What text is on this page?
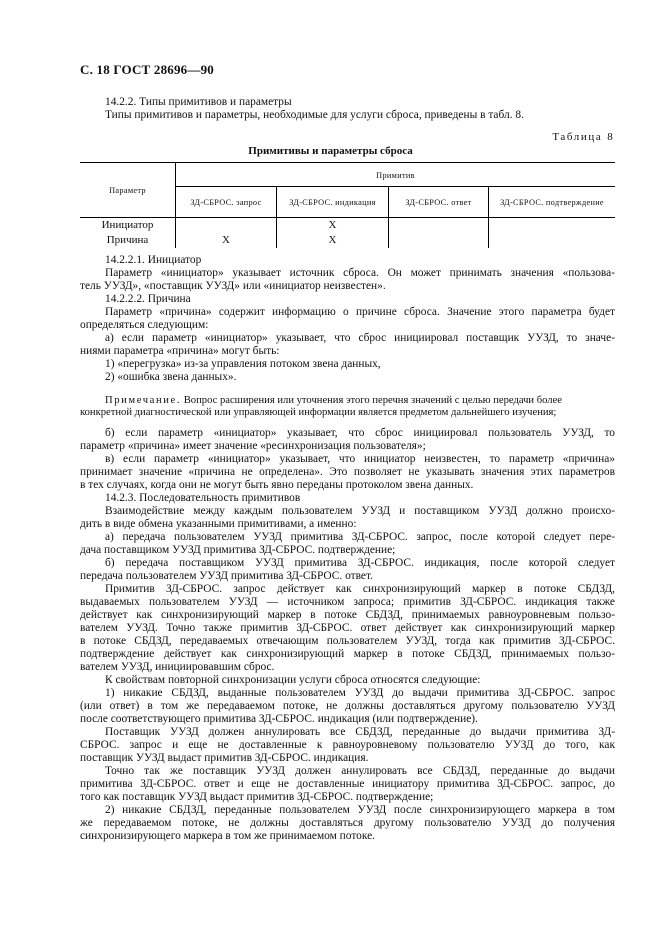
С. 18 ГОСТ 28696—90
14.2.2. Типы примитивов и параметры
Типы примитивов и параметры, необходимые для услуги сброса, приведены в табл. 8.
Таблица 8
Примитивы и параметры сброса
Параметр	Примитив			
	ЗД-СБРОС. запрос	ЗД-СБРОС. индикация	ЗД-СБРОС. ответ	ЗД-СБРОС. подтверждение
Инициатор		X		
Причина	X	X		
14.2.2.1. Инициатор
Параметр «инициатор» указывает источник сброса. Он может принимать значения «пользова-
тель УУЗД», «поставщик УУЗД» или «инициатор неизвестен».
14.2.2.2. Причина
Параметр «причина» содержит информацию о причине сброса. Значение этого параметра будет
определяться следующим:
а) если параметр «инициатор» указывает, что сброс инициировал поставщик УУЗД, то значе-
ниями параметра «причина» могут быть:
1) «перегрузка» из-за управления потоком звена данных,
2) «ошибка звена данных».
Примечание. Вопрос расширения или уточнения этого перечня значений с целью передачи более
конкретной диагностической или управляющей информации является предметом дальнейшего изучения;
б) если параметр «инициатор» указывает, что сброс инициировал пользователь УУЗД, то
параметр «причина» имеет значение «ресинхронизация пользователя»;
в) если параметр «инициатор» указывает, что инициатор неизвестен, то параметр «причина»
принимает значение «причина не определена». Это позволяет не указывать значения этих параметров
в тех случаях, когда они не могут быть явно переданы протоколом звена данных.
14.2.3. Последовательность примитивов
Взаимодействие между каждым пользователем УУЗД и поставщиком УУЗД должно происхо-
дить в виде обмена указанными примитивами, а именно:
а) передача пользователем УУЗД примитива ЗД-СБРОС. запрос, после которой следует пере-
дача поставщиком УУЗД примитива ЗД-СБРОС. подтверждение;
б) передача поставщиком УУЗД примитива ЗД-СБРОС. индикация, после которой следует
передача пользователем УУЗД примитива ЗД-СБРОС. ответ.
Примитив ЗД-СБРОС. запрос действует как синхронизирующий маркер в потоке СБДЗД,
выдаваемых пользователем УУЗД — источником запроса; примитив ЗД-СБРОС. индикация также
действует как синхронизирующий маркер в потоке СБДЗД, принимаемых равноуровневым пользо-
вателем УУЗД. Точно также примитив ЗД-СБРОС. ответ действует как синхронизирующий маркер
в потоке СБДЗД, передаваемых отвечающим пользователем УУЗД, тогда как примитив ЗД-СБРОС.
подтверждение действует как синхронизирующий маркер в потоке СБДЗД, принимаемых пользо-
вателем УУЗД, инициировавшим сброс.
К свойствам повторной синхронизации услуги сброса относятся следующие:
1) никакие СБДЗД, выданные пользователем УУЗД до выдачи примитива ЗД-СБРОС. запрос
(или ответ) в том же передаваемом потоке, не должны доставляться другому пользователю УУЗД
после соответствующего примитива ЗД-СБРОС. индикация (или подтверждение).
Поставщик УУЗД должен аннулировать все СБДЗД, переданные до выдачи примитива ЗД-
СБРОС. запрос и еще не доставленные к равноуровневому пользователю УУЗД до того, как
поставщик УУЗД выдаст примитив ЗД-СБРОС. индикация.
Точно так же поставщик УУЗД должен аннулировать все СБДЗД, переданные до выдачи
примитива ЗД-СБРОС. ответ и еще не доставленные инициатору примитива ЗД-СБРОС. запрос, до
того как поставщик УУЗД выдаст примитив ЗД-СБРОС. подтверждение;
2) никакие СБДЗД, переданные пользователем УУЗД после синхронизирующего маркера в том
же передаваемом потоке, не должны доставляться другому пользователю УУЗД до получения
синхронизирующего маркера в том же принимаемом потоке.
